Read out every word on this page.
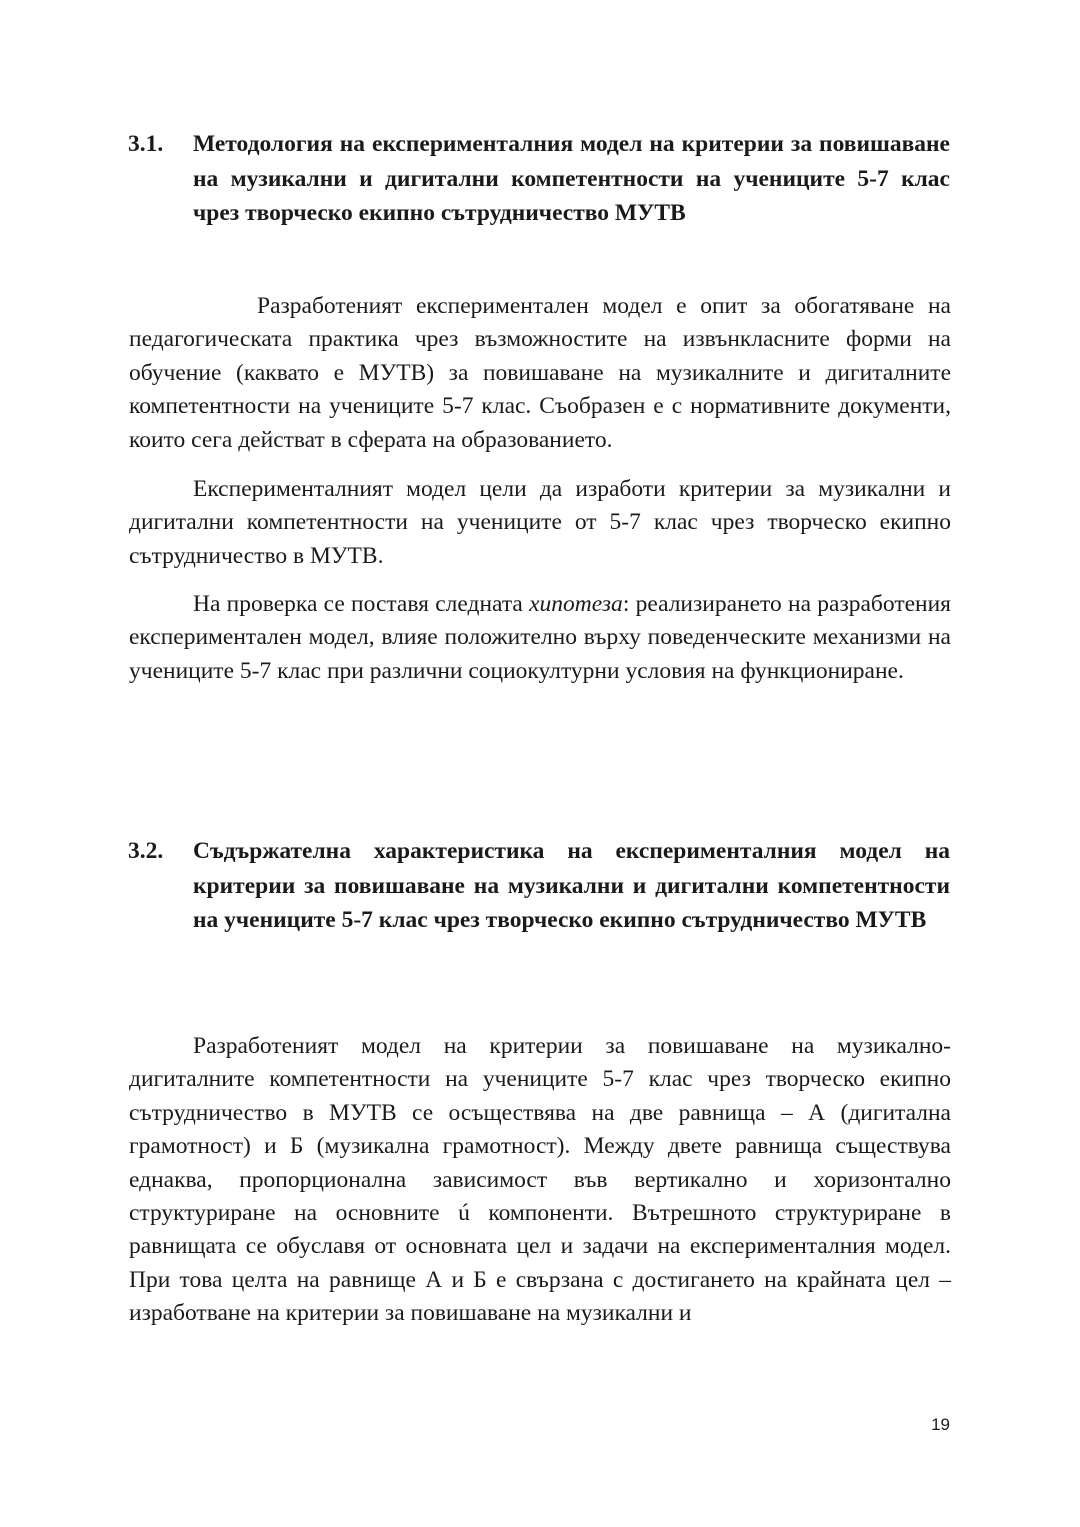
3.1. Методология на експерименталния модел на критерии за повишаване на музикални и дигитални компетентности на учениците 5-7 клас чрез творческо екипно сътрудничество МУТВ

Разработеният експериментален модел е опит за обогатяване на педагогическата практика чрез възможностите на извънкласните форми на обучение (каквато е МУТВ) за повишаване на музикалните и дигиталните компетентности на учениците 5-7 клас. Съобразен е с нормативните документи, които сега действат в сферата на образованието.

Експерименталният модел цели да изработи критерии за музикални и дигитални компетентности на учениците от 5-7 клас чрез творческо екипно сътрудничество в МУТВ.

На проверка се поставя следната хипотеза: реализирането на разработения експериментален модел, влияе положително върху поведенческите механизми на учениците 5-7 клас при различни социокултурни условия на функциониране.

3.2. Съдържателна характеристика на експерименталния модел на критерии за повишаване на музикални и дигитални компетентности на учениците 5-7 клас чрез творческо екипно сътрудничество МУТВ

Разработеният модел на критерии за повишаване на музикално-дигиталните компетентности на учениците 5-7 клас чрез творческо екипно сътрудничество в МУТВ се осъществява на две равнища – А (дигитална грамотност) и Б (музикална грамотност). Между двете равнища съществува еднаква, пропорционална зависимост във вертикално и хоризонтално структуриране на основните ú компоненти. Вътрешното структуриране в равнищата се обуславя от основната цел и задачи на експерименталния модел. При това целта на равнище А и Б е свързана с достигането на крайната цел – изработване на критерии за повишаване на музикални и

19
